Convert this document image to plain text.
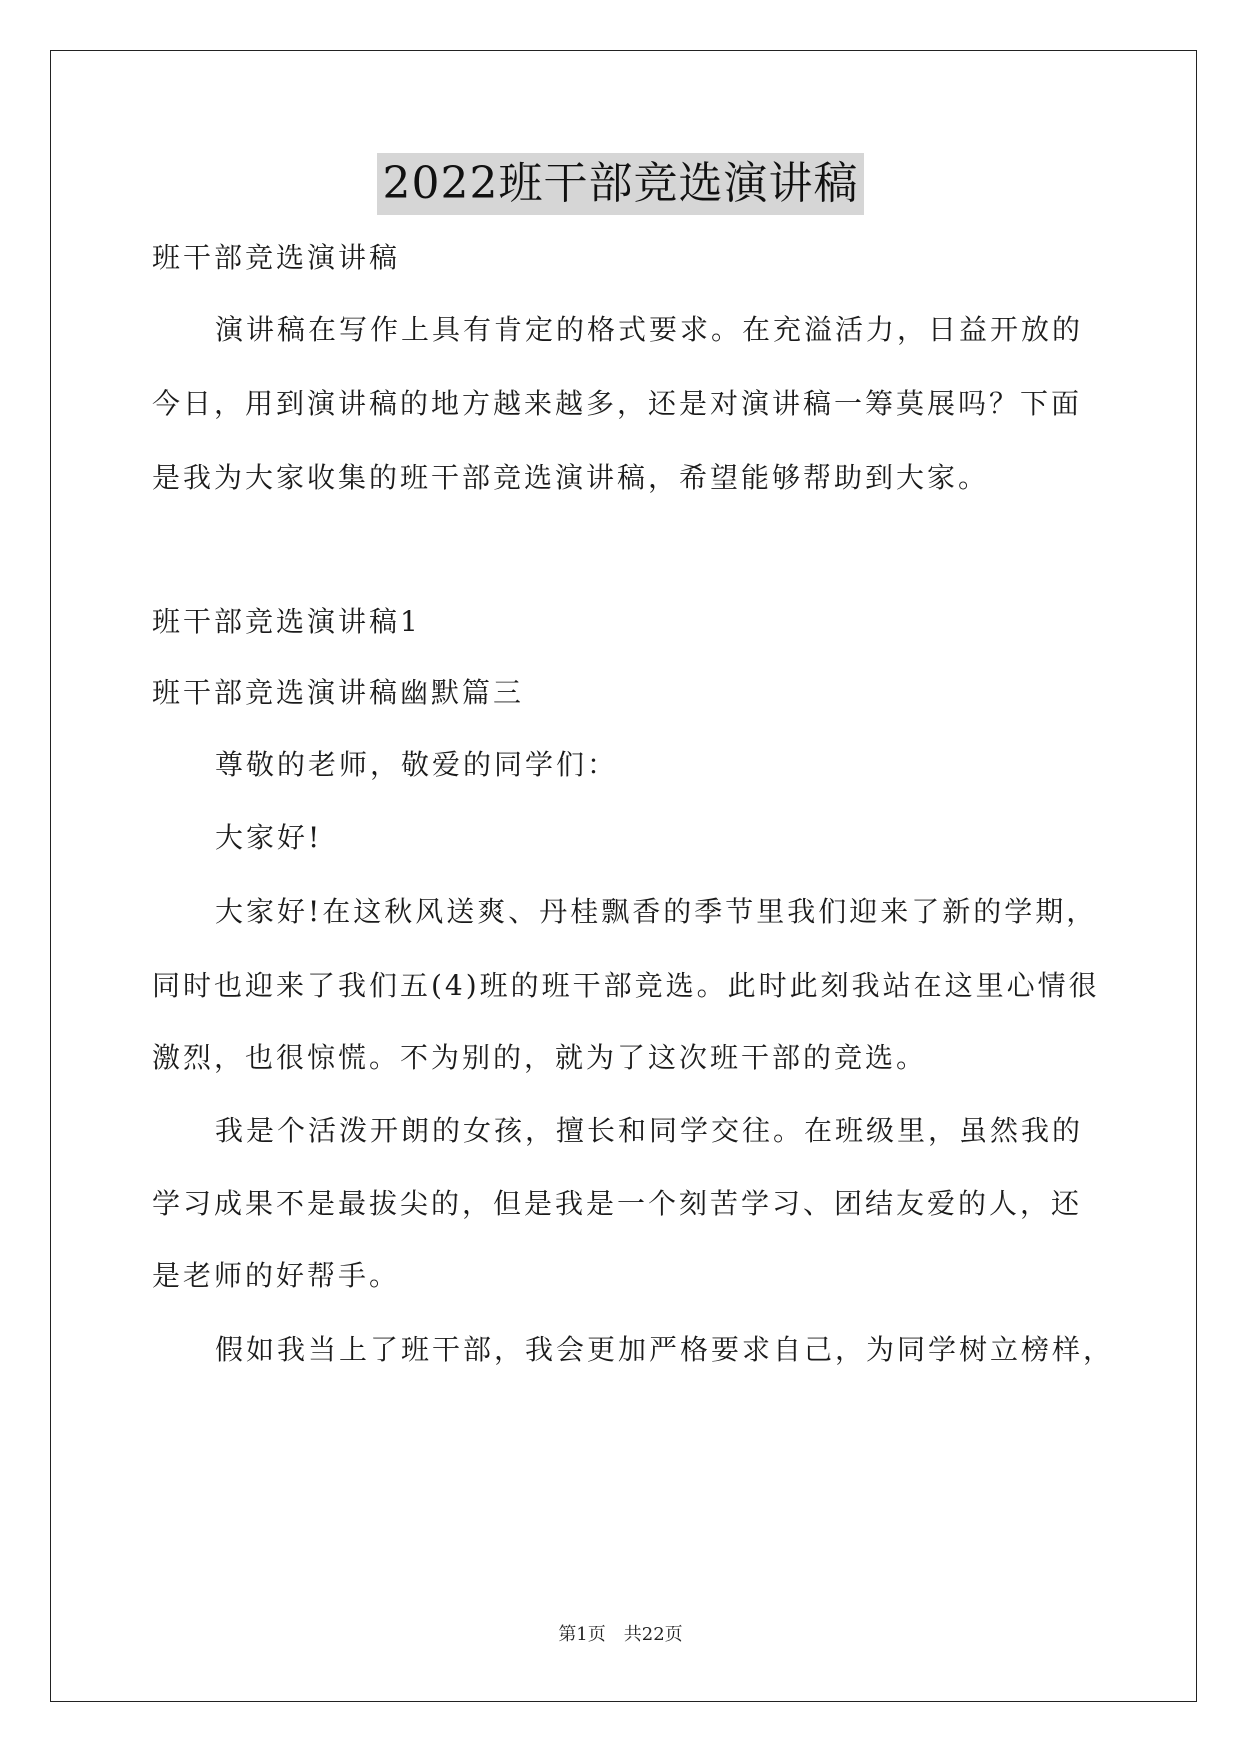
2022班干部竞选演讲稿
班干部竞选演讲稿
演讲稿在写作上具有肯定的格式要求。在充溢活力，日益开放的
今日，用到演讲稿的地方越来越多，还是对演讲稿一筹莫展吗？下面
是我为大家收集的班干部竞选演讲稿，希望能够帮助到大家。
班干部竞选演讲稿1
班干部竞选演讲稿幽默篇三
尊敬的老师，敬爱的同学们：
大家好!
大家好!在这秋风送爽、丹桂飘香的季节里我们迎来了新的学期，
同时也迎来了我们五(4)班的班干部竞选。此时此刻我站在这里心情很
激烈，也很惊慌。不为别的，就为了这次班干部的竞选。
我是个活泼开朗的女孩，擅长和同学交往。在班级里，虽然我的
学习成果不是最拔尖的，但是我是一个刻苦学习、团结友爱的人，还
是老师的好帮手。
假如我当上了班干部，我会更加严格要求自己，为同学树立榜样，
第1页　共22页
